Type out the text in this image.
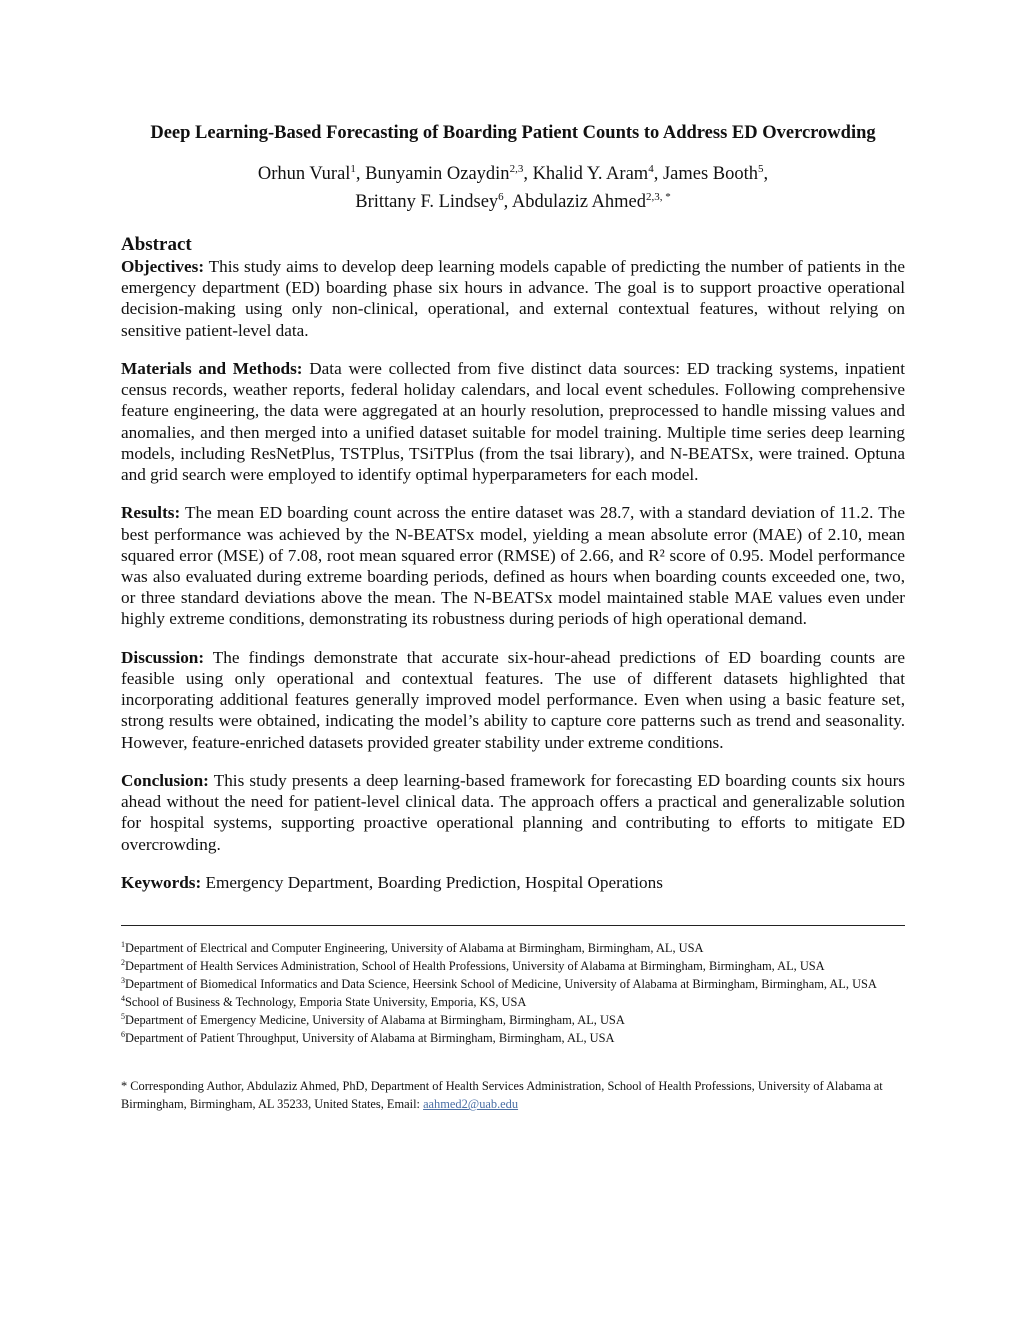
Deep Learning-Based Forecasting of Boarding Patient Counts to Address ED Overcrowding
Orhun Vural$^1$, Bunyamin Ozaydin$^{2,3}$, Khalid Y. Aram$^4$, James Booth$^5$,
Brittany F. Lindsey$^6$, Abdulaziz Ahmed$^{2,3, *}$
Abstract

Objectives: This study aims to develop deep learning models capable of predicting the number of patients in the emergency department (ED) boarding phase six hours in advance. The goal is to support proactive operational decision-making using only non-clinical, operational, and external contextual features, without relying on sensitive patient-level data.

Materials and Methods: Data were collected from five distinct data sources: ED tracking systems, inpatient census records, weather reports, federal holiday calendars, and local event schedules. Following comprehensive feature engineering, the data were aggregated at an hourly resolution, preprocessed to handle missing values and anomalies, and then merged into a unified dataset suitable for model training. Multiple time series deep learning models, including ResNetPlus, TSTPlus, TSiTPlus (from the tsai library), and N-BEATSx, were trained. Optuna and grid search were employed to identify optimal hyperparameters for each model.

Results: The mean ED boarding count across the entire dataset was 28.7, with a standard deviation of 11.2. The best performance was achieved by the N-BEATSx model, yielding a mean absolute error (MAE) of 2.10, mean squared error (MSE) of 7.08, root mean squared error (RMSE) of 2.66, and R² score of 0.95. Model performance was also evaluated during extreme boarding periods, defined as hours when boarding counts exceeded one, two, or three standard deviations above the mean. The N-BEATSx model maintained stable MAE values even under highly extreme conditions, demonstrating its robustness during periods of high operational demand.

Discussion: The findings demonstrate that accurate six-hour-ahead predictions of ED boarding counts are feasible using only operational and contextual features. The use of different datasets highlighted that incorporating additional features generally improved model performance. Even when using a basic feature set, strong results were obtained, indicating the model’s ability to capture core patterns such as trend and seasonality. However, feature-enriched datasets provided greater stability under extreme conditions.

Conclusion: This study presents a deep learning-based framework for forecasting ED boarding counts six hours ahead without the need for patient-level clinical data. The approach offers a practical and generalizable solution for hospital systems, supporting proactive operational planning and contributing to efforts to mitigate ED overcrowding.

Keywords: Emergency Department, Boarding Prediction, Hospital Operations

$^1$Department of Electrical and Computer Engineering, University of Alabama at Birmingham, Birmingham, AL, USA
$^2$Department of Health Services Administration, School of Health Professions, University of Alabama at Birmingham, Birmingham, AL, USA
$^3$Department of Biomedical Informatics and Data Science, Heersink School of Medicine, University of Alabama at Birmingham, Birmingham, AL, USA
$^4$School of Business & Technology, Emporia State University, Emporia, KS, USA
$^5$Department of Emergency Medicine, University of Alabama at Birmingham, Birmingham, AL, USA
$^6$Department of Patient Throughput, University of Alabama at Birmingham, Birmingham, AL, USA
* Corresponding Author, Abdulaziz Ahmed, PhD, Department of Health Services Administration, School of Health Professions, University of Alabama at Birmingham, Birmingham, AL 35233, United States, Email: aahmed2@uab.edu
